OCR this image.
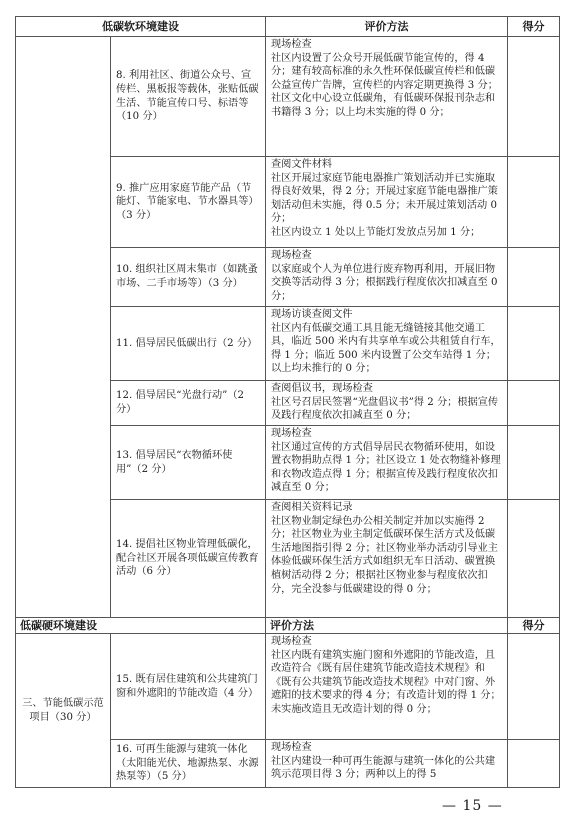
低碳软环境建设		评价方法	得分
	8. 利用社区、街道公众号、宣传栏、黑板报等载体，张贴低碳生活、节能宣传口号、标语等（10 分）	现场检查
社区内设置了公众号开展低碳节能宣传的，得 4 分；建有较高标准的永久性环保低碳宣传栏和低碳公益宣传广告牌，宣传栏的内容定期更换得 3 分；社区文化中心设立低碳角，有低碳环保报刊杂志和书籍得 3 分；以上均未实施的得 0 分；	

	9. 推广应用家庭节能产品（节能灯、节能家电、节水器具等）（3 分）	查阅文件材料
社区开展过家庭节能电器推广策划活动并已实施取得良好效果，得 2 分；开展过家庭节能电器推广策划活动但未实施，得 0.5 分；未开展过策划活动 0 分；
社区内设立 1 处以上节能灯发放点另加 1 分；	

	10. 组织社区周末集市（如跳蚤市场、二手市场等）（3 分）	现场检查
以家庭或个人为单位进行废弃物再利用，开展旧物交换等活动得 3 分；根据践行程度依次扣减直至 0 分；	

	11. 倡导居民低碳出行（2 分）	现场访谈查阅文件
社区内有低碳交通工具且能无缝链接其他交通工具，临近 500 米内有共享单车或公共租赁自行车，得 1 分；临近 500 米内设置了公交车站得 1 分；以上均未推行的 0 分；	

	12. 倡导居民“光盘行动”（2 分）	查阅倡议书，现场检查
社区号召居民签署“光盘倡议书”得 2 分；根据宣传及践行程度依次扣减直至 0 分；	

	13. 倡导居民“衣物循环使用”（2 分）	现场检查
社区通过宣传的方式倡导居民衣物循环使用，如设置衣物捐助点得 1 分；社区设立 1 处衣物缝补修理和衣物改造点得 1 分；根据宣传及践行程度依次扣减直至 0 分；	

	14. 提倡社区物业管理低碳化，配合社区开展各项低碳宣传教育活动（6 分）	查阅相关资料记录
社区物业制定绿色办公相关制定并加以实施得 2 分；社区物业为业主制定低碳环保生活方式及低碳生活地图指引得 2 分；社区物业举办活动引导业主体验低碳环保生活方式如组织无车日活动、碳置换植树活动得 2 分；根据社区物业参与程度依次扣分，完全没参与低碳建设的得 0 分；	

低碳硬环境建设		评价方法	得分
三、节能低碳示范项目（30 分）	15. 既有居住建筑和公共建筑门窗和外遮阳的节能改造（4 分）	现场检查
社区内既有建筑实施门窗和外遮阳的节能改造，且改造符合《既有居住建筑节能改造技术规程》和《既有公共建筑节能改造技术规程》中对门窗、外遮阳的技术要求的得 4 分；有改造计划的得 1 分；未实施改造且无改造计划的得 0 分；	

	16. 可再生能源与建筑一体化（太阳能光伏、地源热泵、水源热泵等）（5 分）	现场检查
社区内建设一种可再生能源与建筑一体化的公共建筑示范项目得 3 分；两种以上的得 5	

— 15 —
